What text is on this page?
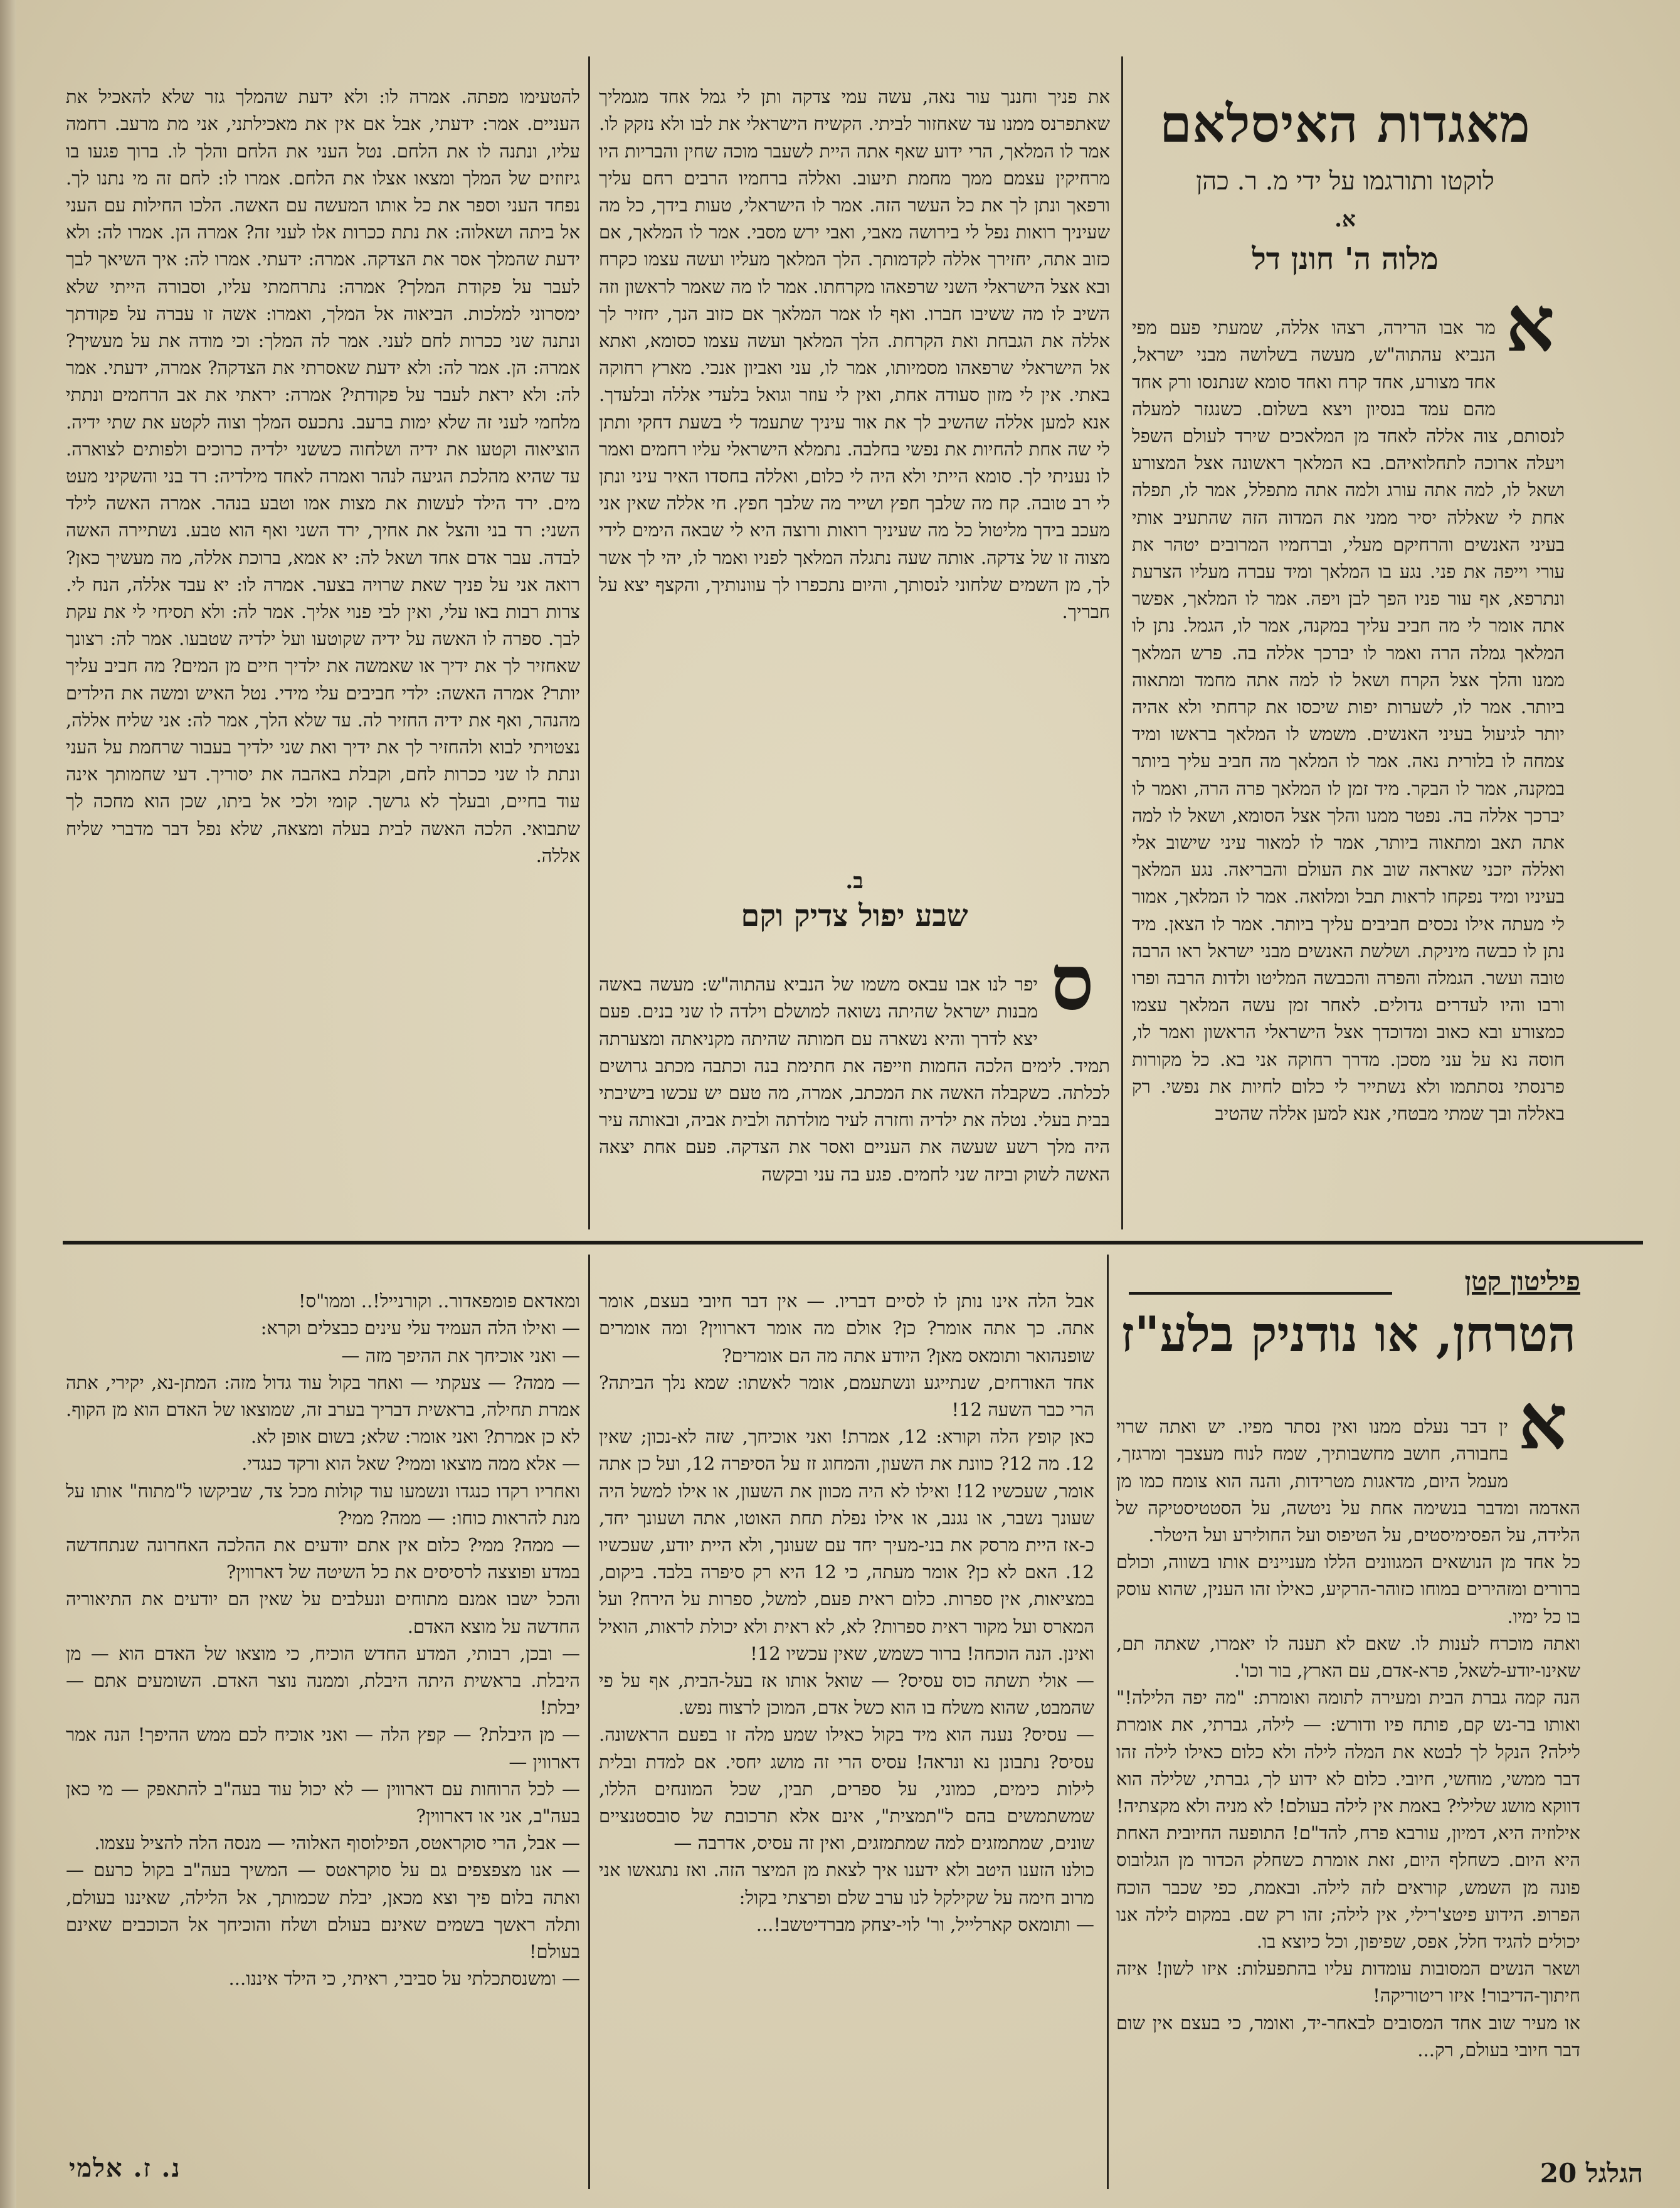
מאגדות האיסלאם
לוקטו ותורגמו על ידי מ. ר. כהן
א.
מלוה ה' חונן דל
א

מר אבו הרירה, רצהו אללה, שמעתי פעם מפי הנביא עהתוה"ש, מעשה בשלושה מבני ישראל, אחד מצורע, אחד קרח ואחד סומא שנתנסו ורק אחד מהם עמד בנסיון ויצא בשלום. כשנגזר למעלה לנסותם, צוה אללה לאחד מן המלאכים שירד לעולם השפל ויעלה ארוכה לתחלואיהם. בא המלאך ראשונה אצל המצורע ושאל לו, למה אתה עורג ולמה אתה מתפלל, אמר לו, תפלה אחת לי שאללה יסיר ממני את המדוה הזה שהתעיב אותי בעיני האנשים והרחיקם מעלי, וברחמיו המרובים יטהר את עורי וייפה את פני. נגע בו המלאך ומיד עברה מעליו הצרעת ונתרפא, אף עור פניו הפך לבן ויפה. אמר לו המלאך, אפשר אתה אומר לי מה חביב עליך במקנה, אמר לו, הגמל. נתן לו המלאך גמלה הרה ואמר לו יברכך אללה בה. פרש המלאך ממנו והלך אצל הקרח ושאל לו למה אתה מחמד ומתאוה ביותר. אמר לו, לשערות יפות שיכסו את קרחתי ולא אהיה יותר לגיעול בעיני האנשים. משמש לו המלאך בראשו ומיד צמחה לו בלורית נאה. אמר לו המלאך מה חביב עליך ביותר במקנה, אמר לו הבקר. מיד זמן לו המלאך פרה הרה, ואמר לו יברכך אללה בה. נפטר ממנו והלך אצל הסומא, ושאל לו למה אתה תאב ומתאוה ביותר, אמר לו למאור עיני שישוב אלי ואללה יזכני שאראה שוב את העולם והבריאה. נגע המלאך בעיניו ומיד נפקחו לראות תבל ומלואה. אמר לו המלאך, אמור לי מעתה אילו נכסים חביבים עליך ביותר. אמר לו הצאן. מיד נתן לו כבשה מיניקת. ושלשת האנשים מבני ישראל ראו הרבה טובה ועשר. הגמלה והפרה והכבשה המליטו ולדות הרבה ופרו ורבו והיו לעדרים גדולים. לאחר זמן עשה המלאך עצמו כמצורע ובא כאוב ומדוכדך אצל הישראלי הראשון ואמר לו, חוסה נא על עני מסכן. מדרך רחוקה אני בא. כל מקורות פרנסתי נסתתמו ולא נשתייר לי כלום לחיות את נפשי. רק באללה ובך שמתי מבטחי, אנא למען אללה שהטיב

את פניך וחננך עור נאה, עשה עמי צדקה ותן לי גמל אחד מגמליך שאתפרנס ממנו עד שאחזור לביתי. הקשיח הישראלי את לבו ולא נזקק לו. אמר לו המלאך, הרי ידוע שאף אתה היית לשעבר מוכה שחין והבריות היו מרחיקין עצמם ממך מחמת תיעוב. ואללה ברחמיו הרבים רחם עליך ורפאך ונתן לך את כל העשר הזה. אמר לו הישראלי, טעות בידך, כל מה שעיניך רואות נפל לי בירושה מאבי, ואבי ירש מסבי. אמר לו המלאך, אם כזוב אתה, יחזירך אללה לקדמותך. הלך המלאך מעליו ועשה עצמו כקרח ובא אצל הישראלי השני שרפאהו מקרחתו. אמר לו מה שאמר לראשון וזה השיב לו מה ששיבו חברו. ואף לו אמר המלאך אם כזוב הנך, יחזיר לך אללה את הגבחת ואת הקרחת. הלך המלאך ועשה עצמו כסומא, ואתא אל הישראלי שרפאהו מסמיותו, אמר לו, עני ואביון אנכי. מארץ רחוקה באתי. אין לי מזון סעודה אחת, ואין לי עוזר וגואל בלעדי אללה ובלעדך. אנא למען אללה שהשיב לך את אור עיניך שתעמד לי בשעת דחקי ותתן לי שה אחת להחיות את נפשי בחלבה. נתמלא הישראלי עליו רחמים ואמר לו נעניתי לך. סומא הייתי ולא היה לי כלום, ואללה בחסדו האיר עיני ונתן לי רב טובה. קח מה שלבך חפץ ושייר מה שלבך חפץ. חי אללה שאין אני מעכב בידך מליטול כל מה שעיניך רואות ורוצה היא לי שבאה הימים לידי מצוה זו של צדקה. אותה שעה נתגלה המלאך לפניו ואמר לו, יהי לך אשר לך, מן השמים שלחוני לנסותך, והיום נתכפרו לך עוונותיך, והקצף יצא על חבריך.

ב.
שבע יפול צדיק וקם
ס

יפר לנו אבו עבאס משמו של הנביא עהתוה"ש: מעשה באשה מבנות ישראל שהיתה נשואה למושלם וילדה לו שני בנים. פעם יצא לדרך והיא נשארה עם חמותה שהיתה מקניאתה ומצערתה תמיד. לימים הלכה החמות וזייפה את חתימת בנה וכתבה מכתב גרושים לכלתה. כשקבלה האשה את המכתב, אמרה, מה טעם יש עכשו בישיבתי בבית בעלי. נטלה את ילדיה וחזרה לעיר מולדתה ולבית אביה, ובאותה עיר היה מלך רשע שעשה את העניים ואסר את הצדקה. פעם אחת יצאה האשה לשוק וביזה שני לחמים. פגע בה עני ובקשה

להטעימו מפתה. אמרה לו: ולא ידעת שהמלך גזר שלא להאכיל את העניים. אמר: ידעתי, אבל אם אין את מאכילתני, אני מת מרעב. רחמה עליו, ונתנה לו את הלחם. נטל העני את הלחם והלך לו. ברוך פגעו בו גיזוזים של המלך ומצאו אצלו את הלחם. אמרו לו: לחם זה מי נתנו לך. נפחד העני וספר את כל אותו המעשה עם האשה. הלכו החילות עם העני אל ביתה ושאלוה: את נתת ככרות אלו לעני זה? אמרה הן. אמרו לה: ולא ידעת שהמלך אסר את הצדקה. אמרה: ידעתי. אמרו לה: איך השיאך לבך לעבר על פקודת המלך? אמרה: נתרחמתי עליו, וסבורה הייתי שלא ימסרוני למלכות. הביאוה אל המלך, ואמרו: אשה זו עברה על פקודתך ונתנה שני ככרות לחם לעני. אמר לה המלך: וכי מודה את על מעשיך? אמרה: הן. אמר לה: ולא ידעת שאסרתי את הצדקה? אמרה, ידעתי. אמר לה: ולא יראת לעבר על פקודתי? אמרה: יראתי את אב הרחמים ונתתי מלחמי לעני זה שלא ימות ברעב. נתכעס המלך וצוה לקטע את שתי ידיה. הוציאוה וקטעו את ידיה ושלחוה כששני ילדיה כרוכים ולפותים לצוארה. עד שהיא מהלכת הגיעה לנהר ואמרה לאחד מילדיה: רד בני והשקיני מעט מים. ירד הילד לעשות את מצות אמו וטבע בנהר. אמרה האשה לילד השני: רד בני והצל את אחיך, ירד השני ואף הוא טבע. נשתיירה האשה לבדה. עבר אדם אחד ושאל לה: יא אמא, ברוכת אללה, מה מעשיך כאן? רואה אני על פניך שאת שרויה בצער. אמרה לו: יא עבד אללה, הנח לי. צרות רבות באו עלי, ואין לבי פנוי אליך. אמר לה: ולא תסיחי לי את עקת לבך. ספרה לו האשה על ידיה שקוטעו ועל ילדיה שטבעו. אמר לה: רצונך שאחזיר לך את ידיך או שאמשה את ילדיך חיים מן המים? מה חביב עליך יותר? אמרה האשה: ילדי חביבים עלי מידי. נטל האיש ומשה את הילדים מהנהר, ואף את ידיה החזיר לה. עד שלא הלך, אמר לה: אני שליח אללה, נצטויתי לבוא ולהחזיר לך את ידיך ואת שני ילדיך בעבור שרחמת על העני ונתת לו שני ככרות לחם, וקבלת באהבה את יסוריך. דעי שחמותך אינה עוד בחיים, ובעלך לא גרשך. קומי ולכי אל ביתו, שכן הוא מחכה לך שתבואי. הלכה האשה לבית בעלה ומצאה, שלא נפל דבר מדברי שליח אללה.

פיליטון קטן
הטרחן, או נודניק בלע"ז
א

ין דבר נעלם ממנו ואין נסתר מפיו. יש ואתה שרוי בחבורה, חושב מחשבותיך, שמח לנוח מעצבך ומרגזך, מעמל היום, מדאגות מטרידות, והנה הוא צומח כמו מן האדמה ומדבר בנשימה אחת על ניטשה, על הסטטיסטיקה של הלידה, על הפסימיסטים, על הטיפוס ועל החולירע ועל היטלר.
כל אחד מן הנושאים המגוונים הללו מעניינים אותו בשווה, וכולם ברורים ומזהירים במוחו כזוהר-הרקיע, כאילו זהו הענין, שהוא עוסק בו כל ימיו.
ואתה מוכרח לענות לו. שאם לא תענה לו יאמרו, שאתה תם, שאינו-יודע-לשאל, פרא-אדם, עם הארץ, בור וכו'.
הנה קמה גברת הבית ומעירה לתומה ואומרת: "מה יפה הלילה!" ואותו בר-נש קם, פותח פיו ודורש: — לילה, גברתי, את אומרת לילה? הנקל לך לבטא את המלה לילה ולא כלום כאילו לילה זהו דבר ממשי, מוחשי, חיובי. כלום לא ידוע לך, גברתי, שלילה הוא דווקא מושג שלילי? באמת אין לילה בעולם! לא מניה ולא מקצתיה! אילוזיה היא, דמיון, עורבא פרח, להד"ם! התופעה החיובית האחת היא היום. כשחלף היום, זאת אומרת כשחלק הכדור מן הגלובוס פונה מן השמש, קוראים לזה לילה. ובאמת, כפי שכבר הוכח הפרופ. הידוע פיטצ'רילי, אין לילה; זהו רק שם. במקום לילה אנו יכולים להגיד חלל, אפס, שפיפון, וכל כיוצא בו.
ושאר הנשים המסובות עומדות עליו בהתפעלות: איזו לשון! איזה חיתוך-הדיבור! איזו ריטוריקה!
או מעיר שוב אחד המסובים לבאחר-יד, ואומר, כי בעצם אין שום דבר חיובי בעולם, רק...

אבל הלה אינו נותן לו לסיים דבריו. — אין דבר חיובי בעצם, אומר אתה. כך אתה אומר? כן? אולם מה אומר דארווין? ומה אומרים שופנהואר ותומאס מאן? היודע אתה מה הם אומרים?
אחד האורחים, שנתייגע ונשתעמם, אומר לאשתו: שמא נלך הביתה? הרי כבר השעה 12!
כאן קופץ הלה וקורא: 12, אמרת! ואני אוכיחך, שזה לא-נכון; שאין 12. מה 12? כוונת את השעון, והמחוג זז על הסיפרה 12, ועל כן אתה אומר, שעכשיו 12! ואילו לא היה מכוון את השעון, או אילו למשל היה שעונך נשבר, או נגנב, או אילו נפלת תחת האוטו, אתה ושעונך יחד, כ-אז היית מרסק את בני-מעיך יחד עם שעונך, ולא היית יודע, שעכשיו 12. האם לא כן? אומר מעתה, כי 12 היא רק סיפרה בלבד. ביקום, במציאות, אין ספרות. כלום ראית פעם, למשל, ספרות על הירח? ועל המארס ועל מקור ראית ספרות? לא, לא ראית ולא יכולת לראות, הואיל ואינן. הנה הוכחה! ברור כשמש, שאין עכשיו 12!
— אולי תשתה כוס עסיס? — שואל אותו אז בעל-הבית, אף על פי שהמבט, שהוא משלח בו הוא כשל אדם, המוכן לרצוח נפש.
— עסיס? נענה הוא מיד בקול כאילו שמע מלה זו בפעם הראשונה. עסיס? נתבונן נא ונראה! עסיס הרי זה מושג יחסי. אם למדת ובלית לילות כימים, כמוני, על ספרים, תבין, שכל המונחים הללו, שמשתמשים בהם ל"תמצית", אינם אלא תרכובת של סובסטנציים שונים, שמתמזגים למה שמתמזגים, ואין זה עסיס, אדרבה —
כולנו הזענו היטב ולא ידענו איך לצאת מן המיצר הזה. ואז נתגאשו אני מרוב חימה על שקילקל לנו ערב שלם ופרצתי בקול:
— ותומאס קארלייל, ור' לוי-יצחק מברדיטשב!...

ומאדאם פומפאדור.. וקורנייל!.. וממו"ס!
— ואילו הלה העמיד עלי עינים כבצלים וקרא:
— ואני אוכיחך את ההיפך מזה —
— ממה? — צעקתי — ואחר בקול עוד גדול מזה: המתן-נא, יקירי, אתה אמרת תחילה, בראשית דבריך בערב זה, שמוצאו של האדם הוא מן הקוף. לא כן אמרת? ואני אומר: שלא; בשום אופן לא.
— אלא ממה מוצאו וממי? שאל הוא ורקד כנגדי.
ואחריו רקדו כנגדו ונשמעו עוד קולות מכל צד, שביקשו ל"מתוח" אותו על מנת להראות כוחו: — ממה? ממי?
— ממה? ממי? כלום אין אתם יודעים את ההלכה האחרונה שנתחדשה במדע ופוצצה לרסיסים את כל השיטה של דארווין?
והכל ישבו אמנם מתוחים ונעלבים על שאין הם יודעים את התיאוריה החדשה על מוצא האדם.
— ובכן, רבותי, המדע החדש הוכיח, כי מוצאו של האדם הוא — מן היבלת. בראשית היתה היבלת, וממנה נוצר האדם. השומעים אתם — יבלת!
— מן היבלת? — קפץ הלה — ואני אוכיח לכם ממש ההיפך! הנה אמר דארווין —
— לכל הרוחות עם דארווין — לא יכול עוד בעה"ב להתאפק — מי כאן בעה"ב, אני או דארווין?
— אבל, הרי סוקראטס, הפילוסוף האלוהי — מנסה הלה להציל עצמו.
— אנו מצפצפים גם על סוקראטס — המשיך בעה"ב בקול כרעם — ואתה בלום פיך וצא מכאן, יבלת שכמותך, אל הלילה, שאיננו בעולם, ותלה ראשך בשמים שאינם בעולם ושלח והוכיחך אל הכוכבים שאינם בעולם!
— ומשנסתכלתי על סביבי, ראיתי, כי הילד איננו...

נ. ז. אלמי	הגלגל 20
